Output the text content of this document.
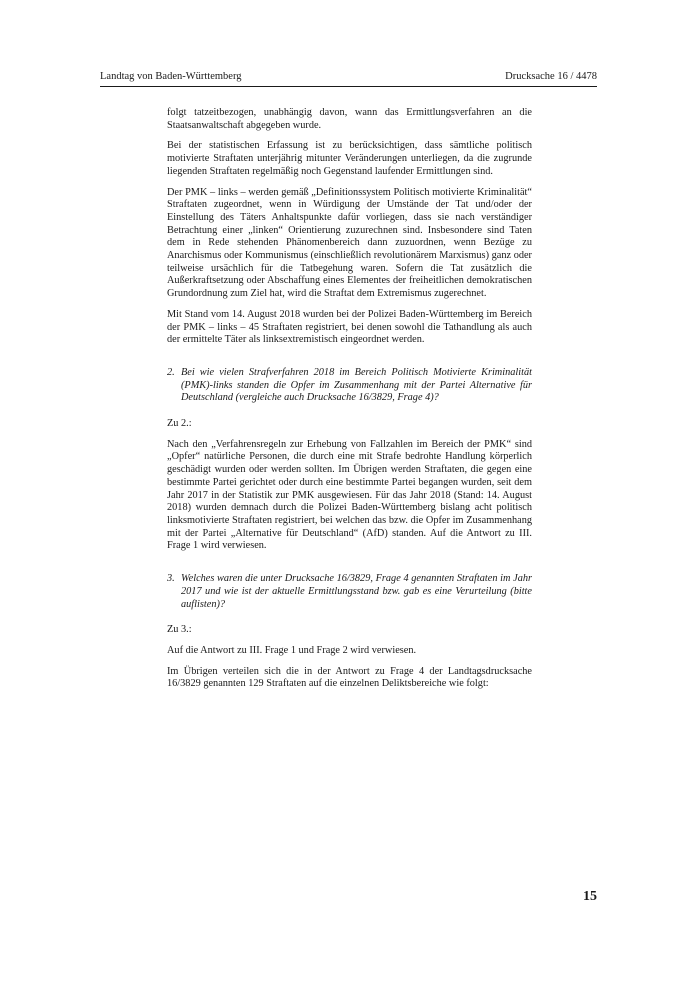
Landtag von Baden-Württemberg	Drucksache 16 / 4478

folgt tatzeitbezogen, unabhängig davon, wann das Ermittlungsverfahren an die Staatsanwaltschaft abgegeben wurde.

Bei der statistischen Erfassung ist zu berücksichtigen, dass sämtliche politisch motivierte Straftaten unterjährig mitunter Veränderungen unterliegen, da die zugrunde liegenden Straftaten regelmäßig noch Gegenstand laufender Ermittlungen sind.

Der PMK – links – werden gemäß „Definitionssystem Politisch motivierte Kriminalität“ Straftaten zugeordnet, wenn in Würdigung der Umstände der Tat und/oder der Einstellung des Täters Anhaltspunkte dafür vorliegen, dass sie nach verständiger Betrachtung einer „linken“ Orientierung zuzurechnen sind. Insbesondere sind Taten dem in Rede stehenden Phänomenbereich dann zuzuordnen, wenn Bezüge zu Anarchismus oder Kommunismus (einschließlich revolutionärem Marxismus) ganz oder teilweise ursächlich für die Tatbegehung waren. Sofern die Tat zusätzlich die Außerkraftsetzung oder Abschaffung eines Elementes der freiheitlichen demokratischen Grundordnung zum Ziel hat, wird die Straftat dem Extremismus zugerechnet.

Mit Stand vom 14. August 2018 wurden bei der Polizei Baden-Württemberg im Bereich der PMK – links – 45 Straftaten registriert, bei denen sowohl die Tathandlung als auch der ermittelte Täter als linksextremistisch eingeordnet werden.

2. Bei wie vielen Strafverfahren 2018 im Bereich Politisch Motivierte Kriminalität (PMK)-links standen die Opfer im Zusammenhang mit der Partei Alternative für Deutschland (vergleiche auch Drucksache 16/3829, Frage 4)?

Zu 2.:

Nach den „Verfahrensregeln zur Erhebung von Fallzahlen im Bereich der PMK“ sind „Opfer“ natürliche Personen, die durch eine mit Strafe bedrohte Handlung körperlich geschädigt wurden oder werden sollten. Im Übrigen werden Straftaten, die gegen eine bestimmte Partei gerichtet oder durch eine bestimmte Partei begangen wurden, seit dem Jahr 2017 in der Statistik zur PMK ausgewiesen. Für das Jahr 2018 (Stand: 14. August 2018) wurden demnach durch die Polizei Baden-Württemberg bislang acht politisch linksmotivierte Straftaten registriert, bei welchen das bzw. die Opfer im Zusammenhang mit der Partei „Alternative für Deutschland“ (AfD) standen. Auf die Antwort zu III. Frage 1 wird verwiesen.

3. Welches waren die unter Drucksache 16/3829, Frage 4 genannten Straftaten im Jahr 2017 und wie ist der aktuelle Ermittlungsstand bzw. gab es eine Verurteilung (bitte auflisten)?

Zu 3.:

Auf die Antwort zu III. Frage 1 und Frage 2 wird verwiesen.

Im Übrigen verteilen sich die in der Antwort zu Frage 4 der Landtagsdrucksache 16/3829 genannten 129 Straftaten auf die einzelnen Deliktsbereiche wie folgt:

15
